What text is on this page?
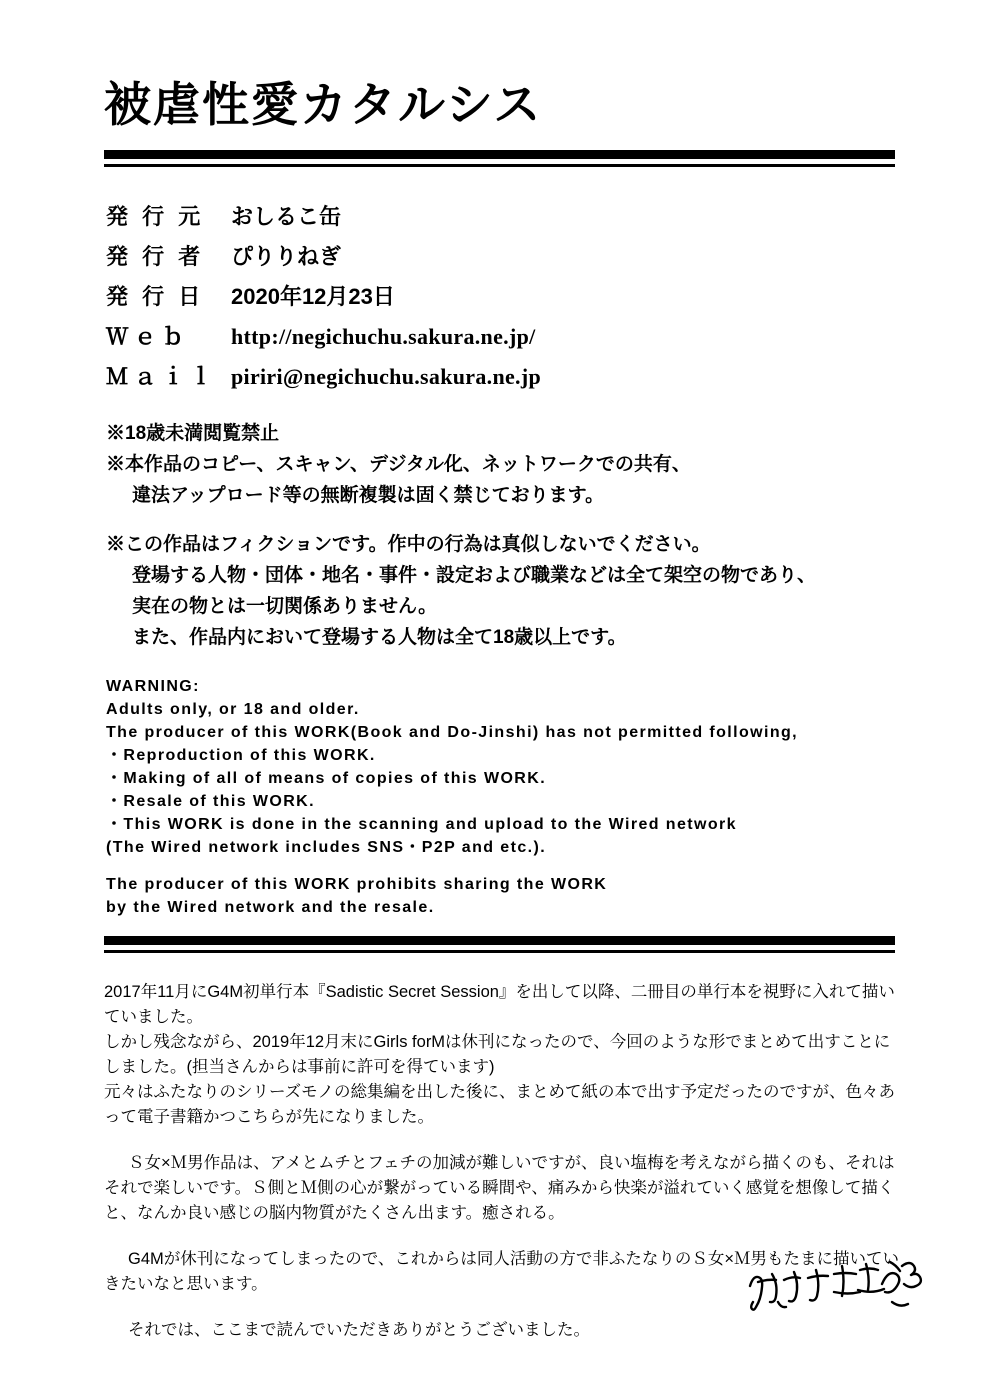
被虐性愛カタルシス
発 行 元	おしるこ缶
発 行 者	ぴりりねぎ
発 行 日	2020年12月23日
Ｗｅｂ	http://negichuchu.sakura.ne.jp/
Ｍａｉｌ piriri@negichuchu.sakura.ne.jp
※18歳未満閲覧禁止
※本作品のコピー、スキャン、デジタル化、ネットワークでの共有、
違法アップロード等の無断複製は固く禁じております。
※この作品はフィクションです。作中の行為は真似しないでください。
登場する人物・団体・地名・事件・設定および職業などは全て架空の物であり、
実在の物とは一切関係ありません。
また、作品内において登場する人物は全て18歳以上です。
WARNING:
Adults only, or 18 and older.
The producer of this WORK(Book and Do-Jinshi) has not permitted following,
・Reproduction of this WORK.
・Making of all of means of copies of this WORK.
・Resale of this WORK.
・This WORK is done in the scanning and upload to the Wired network
(The Wired network includes SNS・P2P and etc.).
The producer of this WORK prohibits sharing the WORK
by the Wired network and the resale.
2017年11月にG4M初単行本『Sadistic Secret Session』を出して以降、二冊目の単行本を視野に入れて描いていました。
しかし残念ながら、2019年12月末にGirls forMは休刊になったので、今回のような形でまとめて出すことにしました。(担当さんからは事前に許可を得ています)
元々はふたなりのシリーズモノの総集編を出した後に、まとめて紙の本で出す予定だったのですが、色々あって電子書籍かつこちらが先になりました。
Ｓ女×Ｍ男作品は、アメとムチとフェチの加減が難しいですが、良い塩梅を考えながら描くのも、それはそれで楽しいです。Ｓ側とＭ側の心が繋がっている瞬間や、痛みから快楽が溢れていく感覚を想像して描くと、なんか良い感じの脳内物質がたくさん出ます。癒される。
G4Mが休刊になってしまったので、これからは同人活動の方で非ふたなりのＳ女×Ｍ男もたまに描いていきたいなと思います。
それでは、ここまで読んでいただきありがとうございました。
